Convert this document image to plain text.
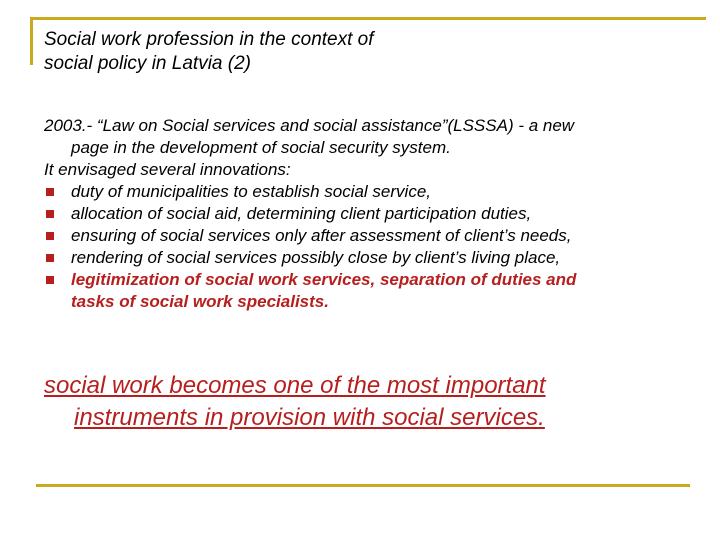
Social work profession in the context of
social policy in Latvia (2)
2003.- “Law on Social services and social assistance”(LSSSA) - a new
page in the development of social security system.
It envisaged several innovations:
duty of municipalities to establish social service,
allocation of social aid, determining client participation duties,
ensuring of social services only after assessment of client’s needs,
rendering of social services possibly close by client’s living place,
legitimization of social work services, separation of duties and
tasks of social work specialists.
social work becomes one of the most important
instruments in provision with social services.
